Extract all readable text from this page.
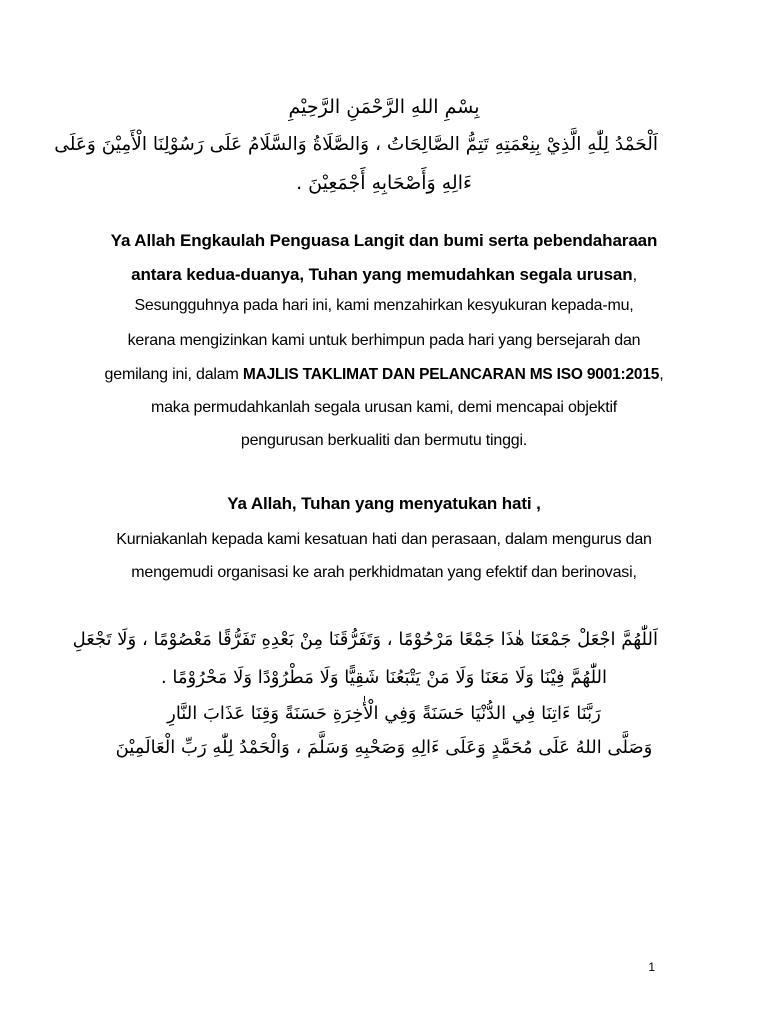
بِسْمِ اللهِ الرَّحْمَنِ الرَّحِيْمِ
اَلْحَمْدُ لِلّٰهِ الَّذِيْ بِنِعْمَتِهِ تَتِمُّ الصَّالِحَاتُ ، وَالصَّلَاةُ وَالسَّلَامُ عَلَى رَسُوْلِنَا الْأَمِيْنَ وَعَلَى
ءَالِهِ وَأَصْحَابِهِ أَجْمَعِيْنَ .
Ya Allah Engkaulah Penguasa Langit dan bumi serta pebendaharaan
antara kedua-duanya, Tuhan yang memudahkan segala urusan,
Sesungguhnya pada hari ini, kami menzahirkan kesyukuran kepada-mu,
kerana mengizinkan kami untuk berhimpun pada hari yang bersejarah dan
gemilang ini, dalam MAJLIS TAKLIMAT DAN PELANCARAN MS ISO 9001:2015,
maka permudahkanlah segala urusan kami, demi mencapai objektif
pengurusan berkualiti dan bermutu tinggi.
Ya Allah, Tuhan yang menyatukan hati ,
Kurniakanlah kepada kami kesatuan hati dan perasaan, dalam mengurus dan
mengemudi organisasi ke arah perkhidmatan yang efektif dan berinovasi,
اَللّٰهُمَّ اجْعَلْ جَمْعَنَا هٰذَا جَمْعًا مَرْحُوْمًا ، وَتَفَرُّقَنَا مِنْ بَعْدِهِ تَفَرُّقًا مَعْصُوْمًا ، وَلَا تَجْعَلِ
اللّٰهُمَّ فِيْنَا وَلَا مَعَنَا وَلَا مَنْ يَتْبَعُنَا شَقِيًّا وَلَا مَطْرُوْدًا وَلَا مَحْرُوْمًا .
رَبَّنَا ءَاتِنَا فِي الدُّنْيَا حَسَنَةً وَفِي الْأٰخِرَةِ حَسَنَةً وَقِنَا عَذَابَ النَّارِ
وَصَلَّى اللهُ عَلَى مُحَمَّدٍ وَعَلَى ءَالِهِ وَصَحْبِهِ وَسَلَّمَ ، وَالْحَمْدُ لِلّٰهِ رَبِّ الْعَالَمِيْنَ
1
